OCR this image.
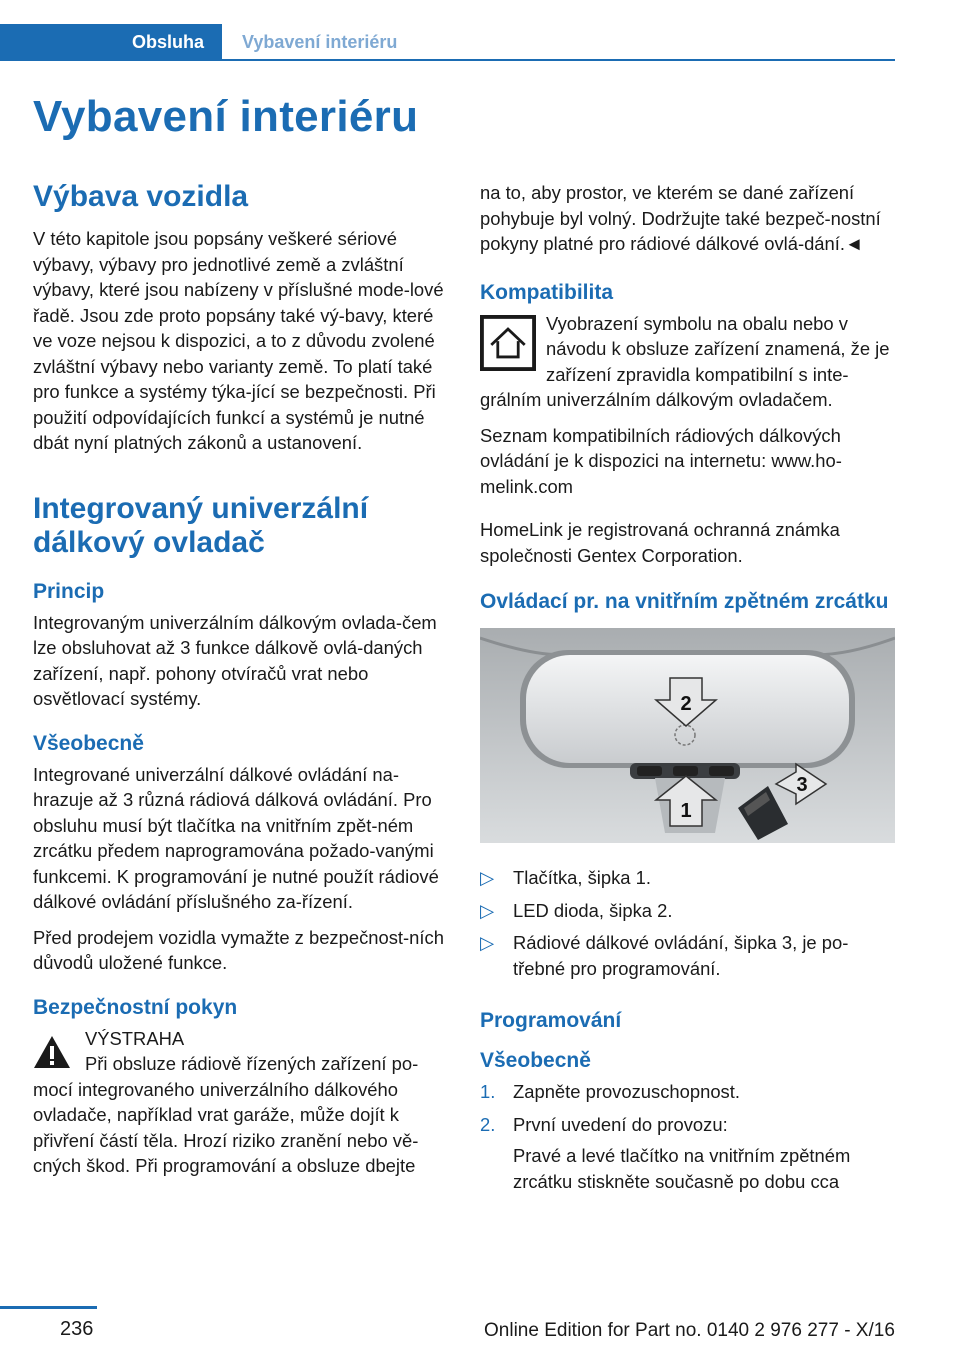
Obsluha	Vybavení interiéru
Vybavení interiéru
Výbava vozidla

V této kapitole jsou popsány veškeré sériové výbavy, výbavy pro jednotlivé země a zvláštní výbavy, které jsou nabízeny v příslušné mode‐lové řadě. Jsou zde proto popsány také vý‐bavy, které ve voze nejsou k dispozici, a to z důvodu zvolené zvláštní výbavy nebo varianty země. To platí také pro funkce a systémy týka‐jící se bezpečnosti. Při použití odpovídajících funkcí a systémů je nutné dbát nyní platných zákonů a ustanovení.

Integrovaný univerzální dálkový ovladač
Princip

Integrovaným univerzálním dálkovým ovlada‐čem lze obsluhovat až 3 funkce dálkově ovlá‐daných zařízení, např. pohony otvíračů vrat nebo osvětlovací systémy.

Všeobecně

Integrované univerzální dálkové ovládání na‐hrazuje až 3 různá rádiová dálková ovládání. Pro obsluhu musí být tlačítka na vnitřním zpět‐ném zrcátku předem naprogramována požado‐vanými funkcemi. K programování je nutné použít rádiové dálkové ovládání příslušného za‐řízení.

Před prodejem vozidla vymažte z bezpečnost‐ních důvodů uložené funkce.

Bezpečnostní pokyn

VÝSTRAHA

Při obsluze rádiově řízených zařízení po‐mocí integrovaného univerzálního dálkového ovladače, například vrat garáže, může dojít k přivření částí těla. Hrozí riziko zranění nebo vě‐cných škod. Při programování a obsluze dbejte

na to, aby prostor, ve kterém se dané zařízení pohybuje byl volný. Dodržujte také bezpeč‐nostní pokyny platné pro rádiové dálkové ovlá‐dání.◄

Kompatibilita

Vyobrazení symbolu na obalu nebo v návodu k obsluze zařízení znamená, že je zařízení zpravidla kompatibilní s inte‐grálním univerzálním dálkovým ovladačem.

Seznam kompatibilních rádiových dálkových ovládání je k dispozici na internetu: www.ho‐melink.com

HomeLink je registrovaná ochranná známka společnosti Gentex Corporation.

Ovládací pr. na vnitřním zpětném zrcátku
2
1
3
▷ Tlačítka, šipka 1.
▷ LED dioda, šipka 2.
▷ Rádiové dálkové ovládání, šipka 3, je po‐třebné pro programování.
Programování
Všeobecně
1. Zapněte provozuschopnost.
2. První uvedení do provozu:
Pravé a levé tlačítko na vnitřním zpětném zrcátku stiskněte současně po dobu cca
236	Online Edition for Part no. 0140 2 976 277 - X/16
